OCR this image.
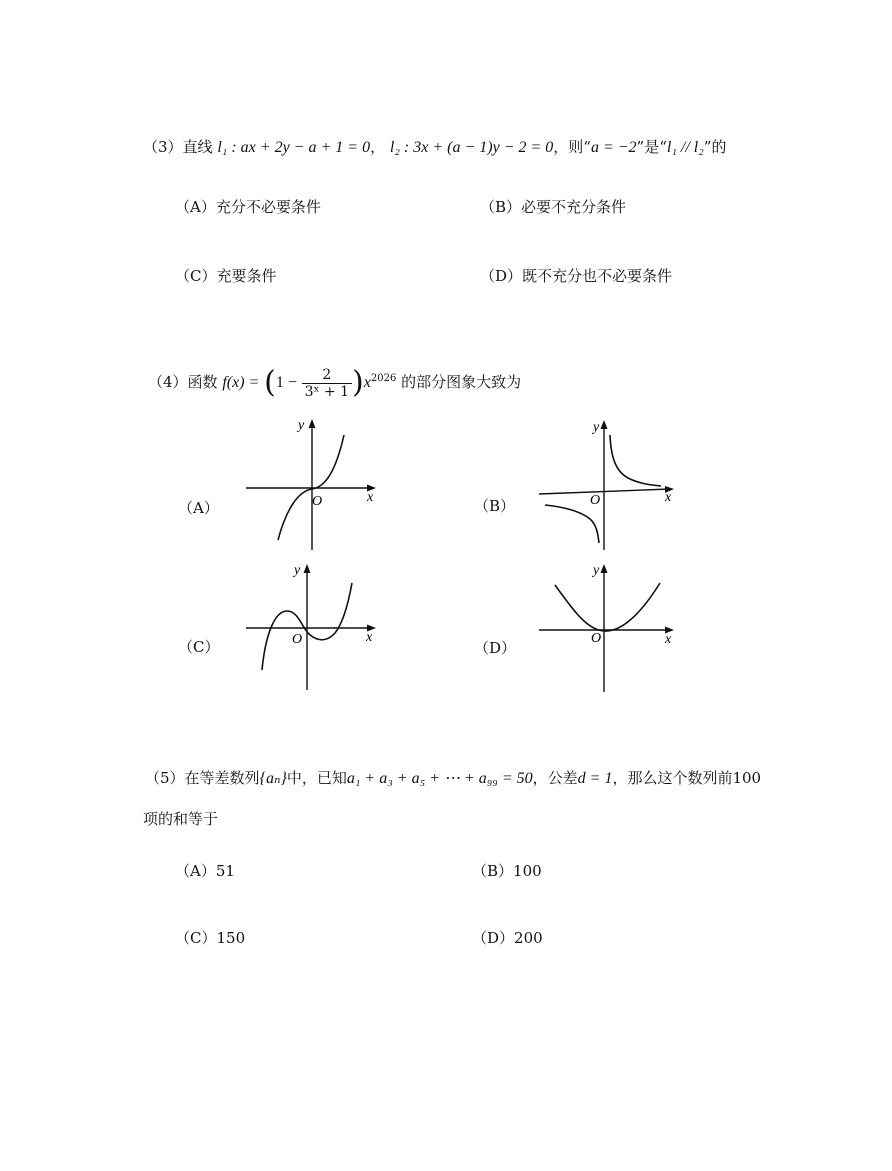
（3）直线 l₁ : ax + 2y − a + 1 = 0， l₂ : 3x + (a − 1)y − 2 = 0，则“a = −2”是“l₁ // l₂”的
（A）充分不必要条件	（B）必要不充分条件
（C）充要条件	（D）既不充分也不必要条件
（4）函数 $f(x) = (1 - \frac{2}{\text{3ˣ + 1}} )x^{2026}$ 的部分图象大致为
（A）	（B）
（C）	（D）
x
y
O	x
y
O
x
y
O	x
y
O
（5）在等差数列{aₙ}中，已知a₁ + a₃ + a₅ + ⋯ + a₉₉ = 50，公差d = 1，那么这个数列前100
项的和等于
（A）51	（B）100
（C）150	（D）200
